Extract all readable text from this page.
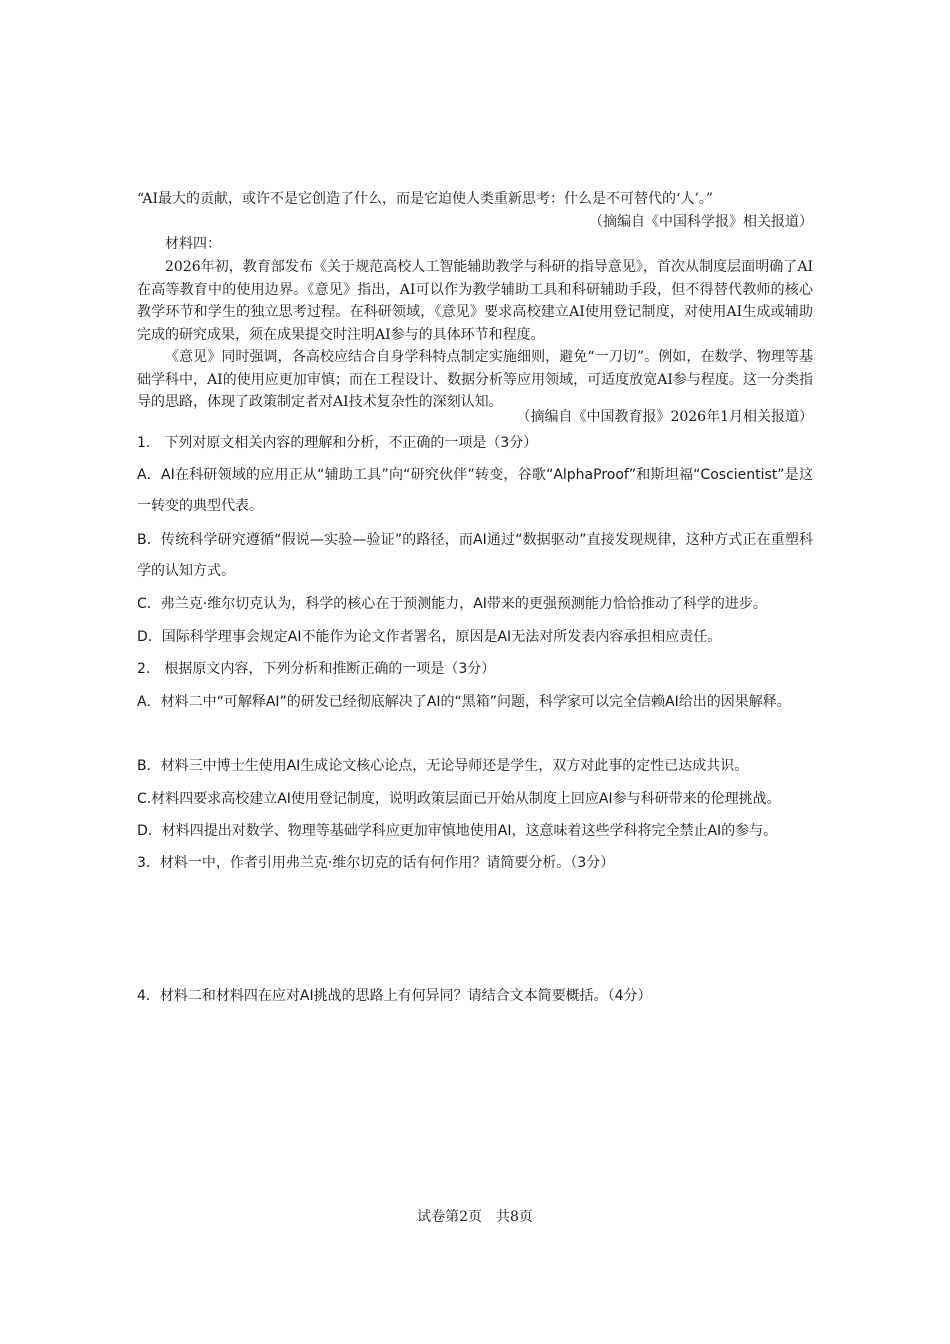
“AI最大的贡献，或许不是它创造了什么，而是它迫使人类重新思考：什么是不可替代的‘人’。”

（摘编自《中国科学报》相关报道）

材料四：

2026年初，教育部发布《关于规范高校人工智能辅助教学与科研的指导意见》，首次从制度层面明确了AI在高等教育中的使用边界。《意见》指出，AI可以作为教学辅助工具和科研辅助手段，但不得替代教师的核心教学环节和学生的独立思考过程。在科研领域，《意见》要求高校建立AI使用登记制度，对使用AI生成或辅助完成的研究成果，须在成果提交时注明AI参与的具体环节和程度。

《意见》同时强调，各高校应结合自身学科特点制定实施细则，避免“一刀切”。例如，在数学、物理等基础学科中，AI的使用应更加审慎；而在工程设计、数据分析等应用领域，可适度放宽AI参与程度。这一分类指导的思路，体现了政策制定者对AI技术复杂性的深刻认知。

（摘编自《中国教育报》2026年1月相关报道）

1.　下列对原文相关内容的理解和分析，不正确的一项是（3分）

A．AI在科研领域的应用正从“辅助工具”向“研究伙伴”转变，谷歌“AlphaProof”和斯坦福“Coscientist”是这一转变的典型代表。

B．传统科学研究遵循“假说—实验—验证”的路径，而AI通过“数据驱动”直接发现规律，这种方式正在重塑科学的认知方式。

C．弗兰克·维尔切克认为，科学的核心在于预测能力，AI带来的更强预测能力恰恰推动了科学的进步。

D．国际科学理事会规定AI不能作为论文作者署名，原因是AI无法对所发表内容承担相应责任。

2.　根据原文内容，下列分析和推断正确的一项是（3分）

A．材料二中“可解释AI”的研发已经彻底解决了AI的“黑箱”问题，科学家可以完全信赖AI给出的因果解释。

B．材料三中博士生使用AI生成论文核心论点，无论导师还是学生，双方对此事的定性已达成共识。

C.材料四要求高校建立AI使用登记制度，说明政策层面已开始从制度上回应AI参与科研带来的伦理挑战。

D．材料四提出对数学、物理等基础学科应更加审慎地使用AI，这意味着这些学科将完全禁止AI的参与。

3．材料一中，作者引用弗兰克·维尔切克的话有何作用？请简要分析。（3分）

4．材料二和材料四在应对AI挑战的思路上有何异同？请结合文本简要概括。（4分）

试卷第2页　共8页
